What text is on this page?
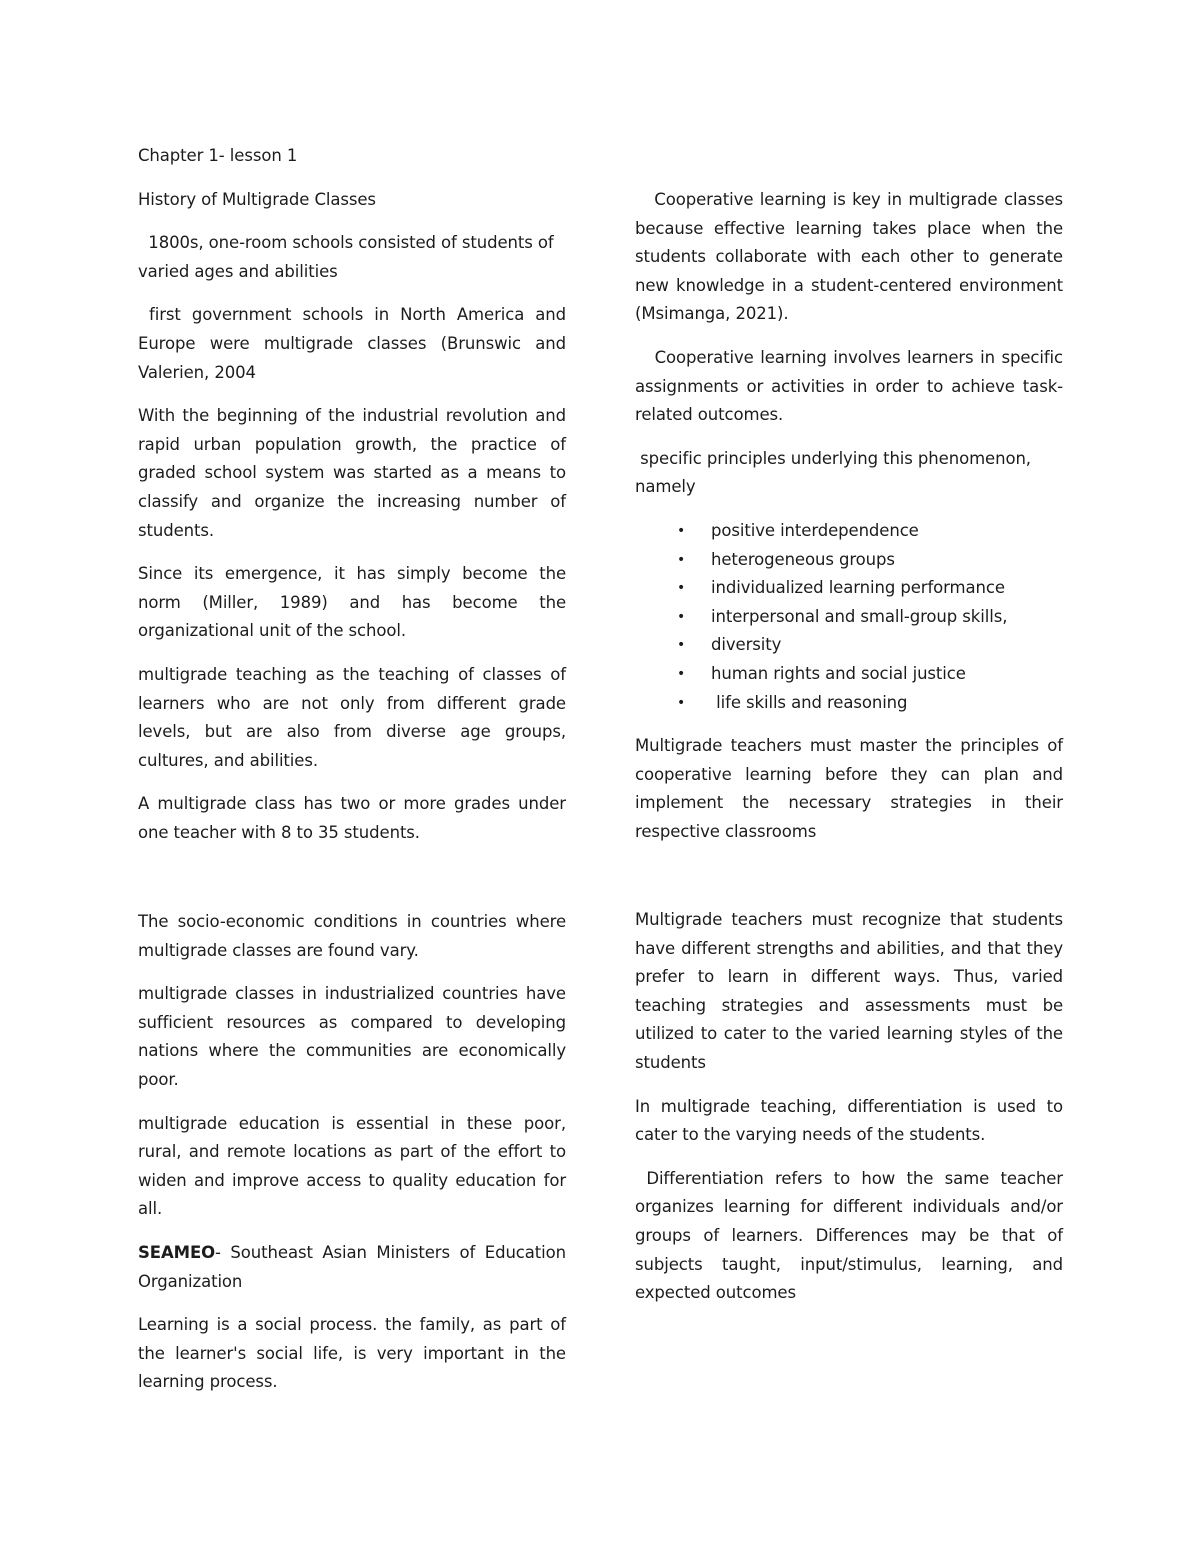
Chapter 1- lesson 1

History of Multigrade Classes

1800s, one-room schools consisted of students of varied ages and abilities

first government schools in North America and Europe were multigrade classes (Brunswic and Valerien, 2004

With the beginning of the industrial revolution and rapid urban population growth, the practice of graded school system was started as a means to classify and organize the increasing number of students.

Since its emergence, it has simply become the norm (Miller, 1989) and has become the organizational unit of the school.

multigrade teaching as the teaching of classes of learners who are not only from different grade levels, but are also from diverse age groups, cultures, and abilities.

A multigrade class has two or more grades under one teacher with 8 to 35 students.

Cooperative learning is key in multigrade classes because effective learning takes place when the students collaborate with each other to generate new knowledge in a student-centered environment (Msimanga, 2021).

Cooperative learning involves learners in specific assignments or activities in order to achieve task-related outcomes.

specific principles underlying this phenomenon, namely

• positive interdependence
• heterogeneous groups
• individualized learning performance
• interpersonal and small-group skills,
• diversity
• human rights and social justice
• life skills and reasoning

Multigrade teachers must master the principles of cooperative learning before they can plan and implement the necessary strategies in their respective classrooms

The socio-economic conditions in countries where multigrade classes are found vary.

multigrade classes in industrialized countries have sufficient resources as compared to developing nations where the communities are economically poor.

multigrade education is essential in these poor, rural, and remote locations as part of the effort to widen and improve access to quality education for all.

SEAMEO- Southeast Asian Ministers of Education Organization

Learning is a social process. the family, as part of the learner's social life, is very important in the learning process.

Multigrade teachers must recognize that students have different strengths and abilities, and that they prefer to learn in different ways. Thus, varied teaching strategies and assessments must be utilized to cater to the varied learning styles of the students

In multigrade teaching, differentiation is used to cater to the varying needs of the students.

Differentiation refers to how the same teacher organizes learning for different individuals and/or groups of learners. Differences may be that of subjects taught, input/stimulus, learning, and expected outcomes
